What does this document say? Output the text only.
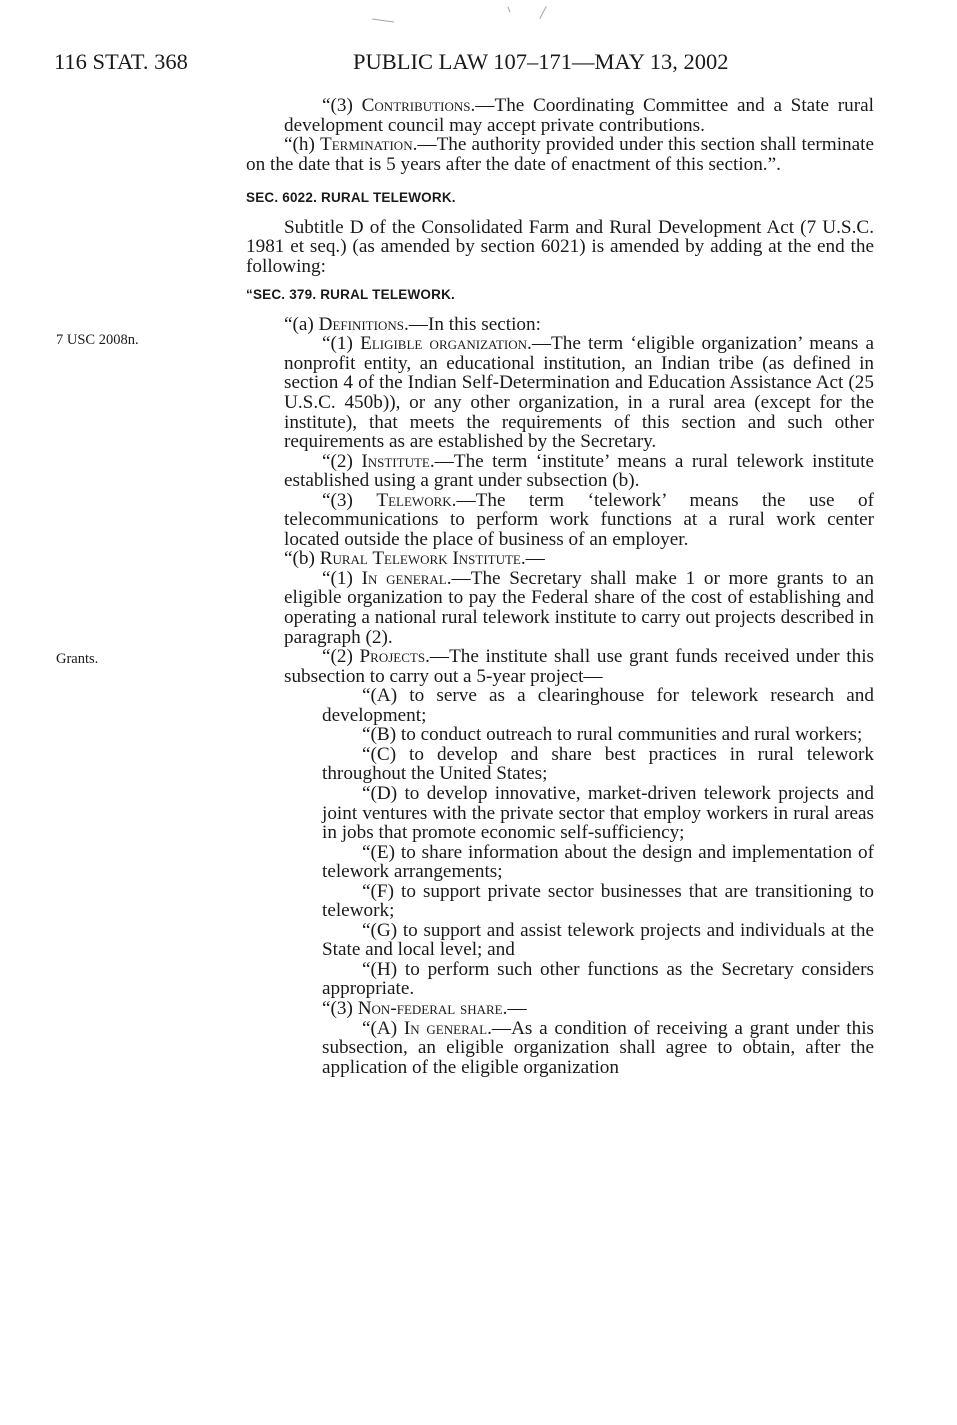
116 STAT. 368	PUBLIC LAW 107–171—MAY 13, 2002
7 USC 2008n.
Grants.

“(3) Contributions.—The Coordinating Committee and a State rural development council may accept private contributions.

“(h) Termination.—The authority provided under this section shall terminate on the date that is 5 years after the date of enactment of this section.”.

SEC. 6022. RURAL TELEWORK.

Subtitle D of the Consolidated Farm and Rural Development Act (7 U.S.C. 1981 et seq.) (as amended by section 6021) is amended by adding at the end the following:

“SEC. 379. RURAL TELEWORK.

“(a) Definitions.—In this section:

“(1) Eligible organization.—The term ‘eligible organization’ means a nonprofit entity, an educational institution, an Indian tribe (as defined in section 4 of the Indian Self-Determination and Education Assistance Act (25 U.S.C. 450b)), or any other organization, in a rural area (except for the institute), that meets the requirements of this section and such other requirements as are established by the Secretary.

“(2) Institute.—The term ‘institute’ means a rural telework institute established using a grant under subsection (b).

“(3) Telework.—The term ‘telework’ means the use of telecommunications to perform work functions at a rural work center located outside the place of business of an employer.

“(b) Rural Telework Institute.—

“(1) In general.—The Secretary shall make 1 or more grants to an eligible organization to pay the Federal share of the cost of establishing and operating a national rural telework institute to carry out projects described in paragraph (2).

“(2) Projects.—The institute shall use grant funds received under this subsection to carry out a 5-year project—

“(A) to serve as a clearinghouse for telework research and development;

“(B) to conduct outreach to rural communities and rural workers;

“(C) to develop and share best practices in rural telework throughout the United States;

“(D) to develop innovative, market-driven telework projects and joint ventures with the private sector that employ workers in rural areas in jobs that promote economic self-sufficiency;

“(E) to share information about the design and implementation of telework arrangements;

“(F) to support private sector businesses that are transitioning to telework;

“(G) to support and assist telework projects and individuals at the State and local level; and

“(H) to perform such other functions as the Secretary considers appropriate.

“(3) Non-federal share.—

“(A) In general.—As a condition of receiving a grant under this subsection, an eligible organization shall agree to obtain, after the application of the eligible organization
